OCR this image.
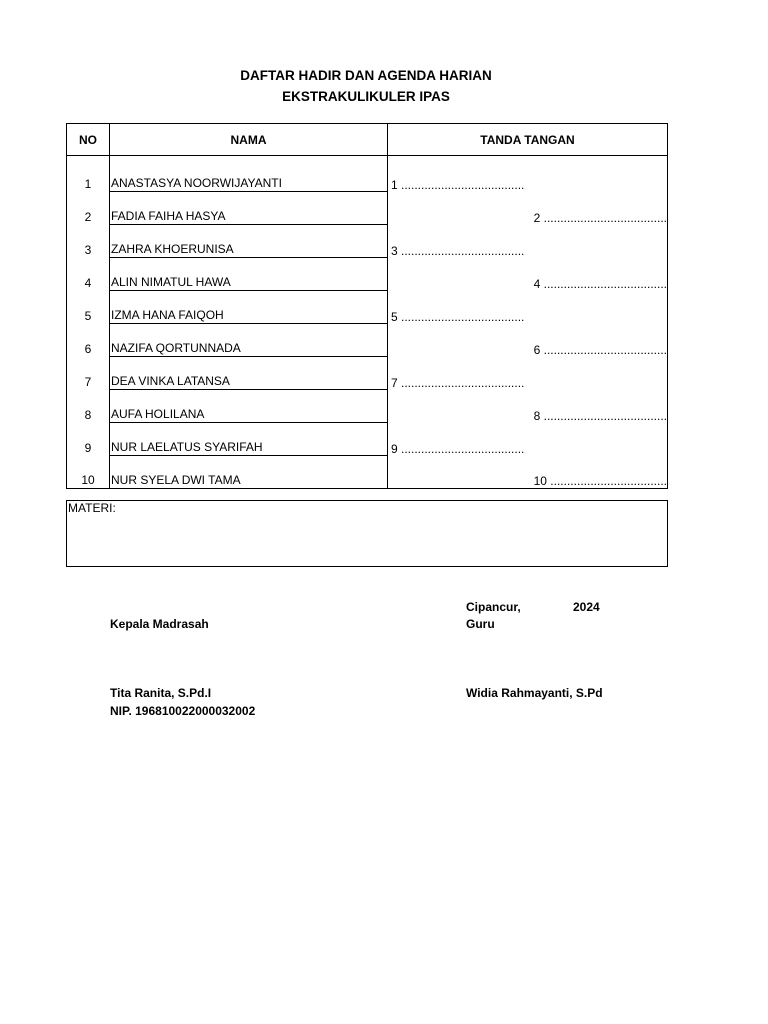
DAFTAR HADIR DAN AGENDA HARIAN
EKSTRAKULIKULER IPAS
NO	NAMA	TANDA TANGAN
1	ANASTASYA NOORWIJAYANTI	1 .....................................
2	FADIA FAIHA HASYA	2 .....................................
3	ZAHRA KHOERUNISA	3 .....................................
4	ALIN NIMATUL HAWA	4 .....................................
5	IZMA HANA FAIQOH	5 .....................................
6	NAZIFA QORTUNNADA	6 .....................................
7	DEA VINKA LATANSA	7 .....................................
8	AUFA HOLILANA	8 .....................................
9	NUR LAELATUS SYARIFAH	9 .....................................
10	NUR SYELA DWI TAMA	10 ...................................
MATERI:
Cipancur,	2024
Kepala Madrasah	Guru
Tita Ranita, S.Pd.I	Widia Rahmayanti, S.Pd
NIP. 196810022000032002
